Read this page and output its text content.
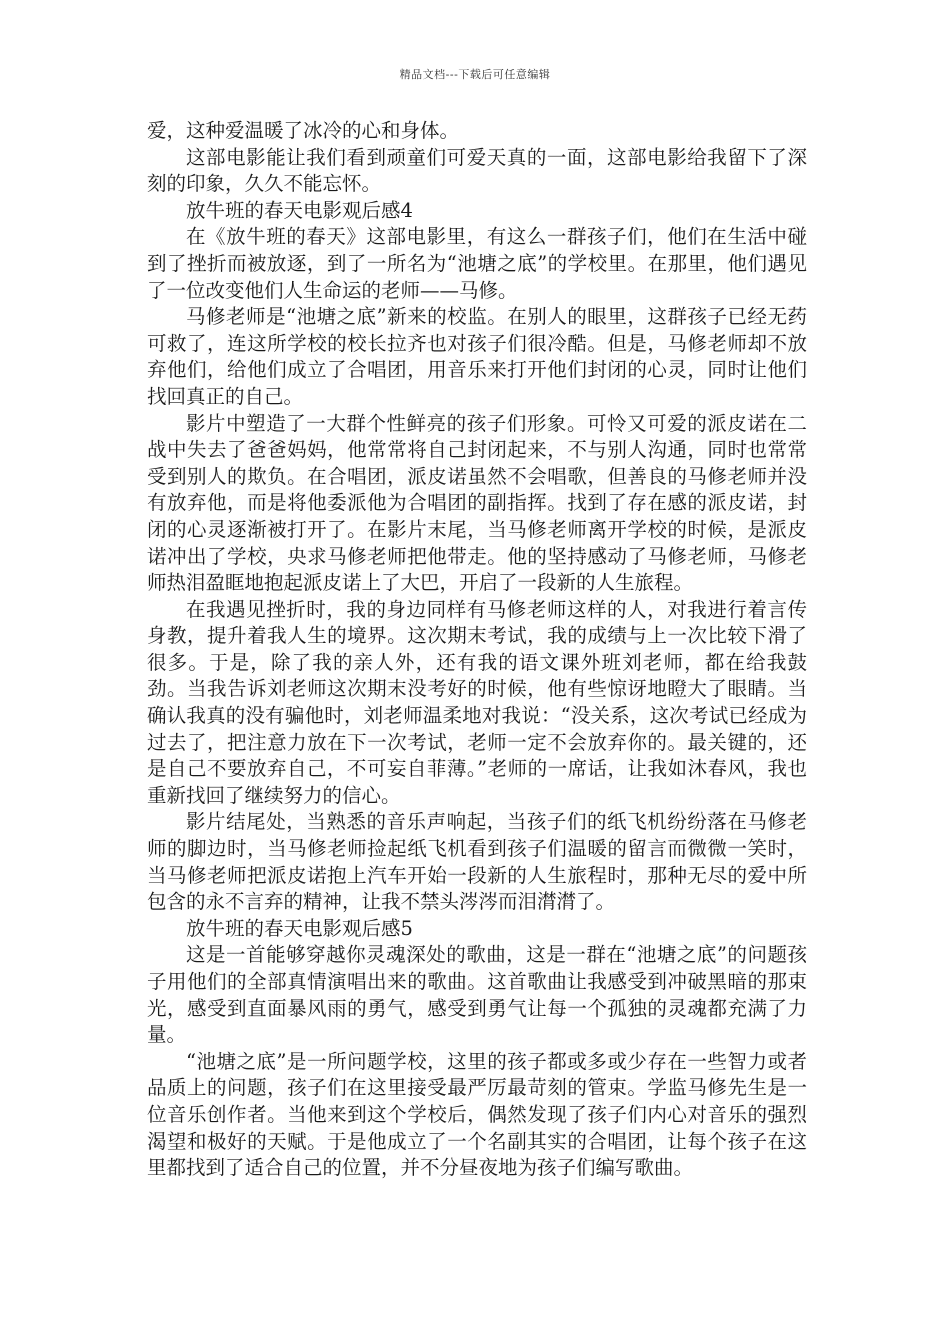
精品文档---下载后可任意编辑

爱，这种爱温暖了冰冷的心和身体。

这部电影能让我们看到顽童们可爱天真的一面，这部电影给我留下了深刻的印象，久久不能忘怀。

放牛班的春天电影观后感4

在《放牛班的春天》这部电影里，有这么一群孩子们，他们在生活中碰到了挫折而被放逐，到了一所名为“池塘之底”的学校里。在那里，他们遇见了一位改变他们人生命运的老师——马修。

马修老师是“池塘之底”新来的校监。在别人的眼里，这群孩子已经无药可救了，连这所学校的校长拉齐也对孩子们很冷酷。但是，马修老师却不放弃他们，给他们成立了合唱团，用音乐来打开他们封闭的心灵，同时让他们找回真正的自己。

影片中塑造了一大群个性鲜亮的孩子们形象。可怜又可爱的派皮诺在二战中失去了爸爸妈妈，他常常将自己封闭起来，不与别人沟通，同时也常常受到别人的欺负。在合唱团，派皮诺虽然不会唱歌，但善良的马修老师并没有放弃他，而是将他委派他为合唱团的副指挥。找到了存在感的派皮诺，封闭的心灵逐渐被打开了。在影片末尾，当马修老师离开学校的时候，是派皮诺冲出了学校，央求马修老师把他带走。他的坚持感动了马修老师，马修老师热泪盈眶地抱起派皮诺上了大巴，开启了一段新的人生旅程。

在我遇见挫折时，我的身边同样有马修老师这样的人，对我进行着言传身教，提升着我人生的境界。这次期末考试，我的成绩与上一次比较下滑了很多。于是，除了我的亲人外，还有我的语文课外班刘老师，都在给我鼓劲。当我告诉刘老师这次期末没考好的时候，他有些惊讶地瞪大了眼睛。当确认我真的没有骗他时，刘老师温柔地对我说：“没关系，这次考试已经成为过去了，把注意力放在下一次考试，老师一定不会放弃你的。最关键的，还是自己不要放弃自己，不可妄自菲薄。”老师的一席话，让我如沐春风，我也重新找回了继续努力的信心。

影片结尾处，当熟悉的音乐声响起，当孩子们的纸飞机纷纷落在马修老师的脚边时，当马修老师捡起纸飞机看到孩子们温暖的留言而微微一笑时，当马修老师把派皮诺抱上汽车开始一段新的人生旅程时，那种无尽的爱中所包含的永不言弃的精神，让我不禁头涔涔而泪潸潸了。

放牛班的春天电影观后感5

这是一首能够穿越你灵魂深处的歌曲，这是一群在“池塘之底”的问题孩子用他们的全部真情演唱出来的歌曲。这首歌曲让我感受到冲破黑暗的那束光，感受到直面暴风雨的勇气，感受到勇气让每一个孤独的灵魂都充满了力量。

“池塘之底”是一所问题学校，这里的孩子都或多或少存在一些智力或者品质上的问题，孩子们在这里接受最严厉最苛刻的管束。学监马修先生是一位音乐创作者。当他来到这个学校后，偶然发现了孩子们内心对音乐的强烈渴望和极好的天赋。于是他成立了一个名副其实的合唱团，让每个孩子在这里都找到了适合自己的位置，并不分昼夜地为孩子们编写歌曲。
